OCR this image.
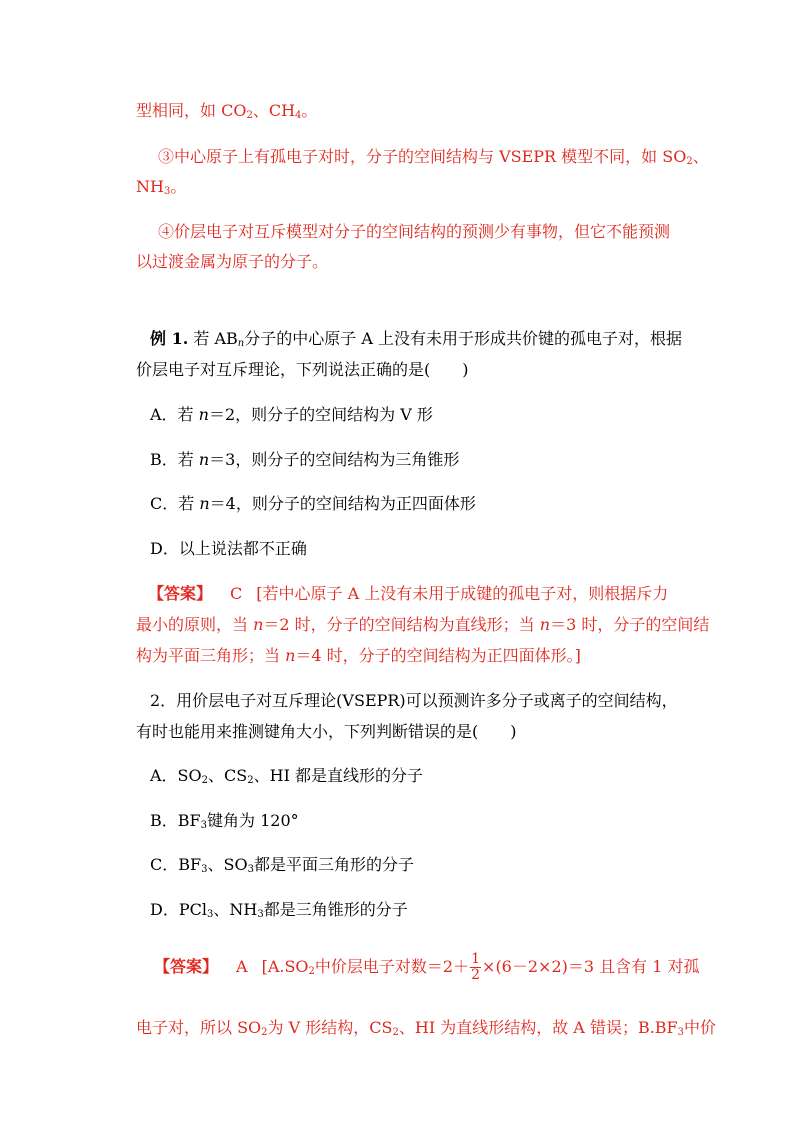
型相同，如 $CO_2$、$CH_4$。
③中心原子上有孤电子对时，分子的空间结构与 VSEPR 模型不同，如 $SO_2$、
$NH_3$。
④价层电子对互斥模型对分子的空间结构的预测少有事物，但它不能预测
以过渡金属为原子的分子。
例 1. 若 $AB_n$分子的中心原子 A 上没有未用于形成共价键的孤电子对，根据
价层电子对互斥理论，下列说法正确的是(　　)
A．若 n＝2，则分子的空间结构为 V 形
B．若 n＝3，则分子的空间结构为三角锥形
C．若 n＝4，则分子的空间结构为正四面体形
D．以上说法都不正确
【答案】 C [若中心原子 A 上没有未用于成键的孤电子对，则根据斥力
最小的原则，当 n＝2 时，分子的空间结构为直线形；当 n＝3 时，分子的空间结
构为平面三角形；当 n＝4 时，分子的空间结构为正四面体形。]
2．用价层电子对互斥理论(VSEPR)可以预测许多分子或离子的空间结构，
有时也能用来推测键角大小，下列判断错误的是(　　)
A．$SO_2$、$CS_2$、HI 都是直线形的分子
B．$BF_3$键角为 120°
C．$BF_3$、$SO_3$都是平面三角形的分子
D．PCl$_3$、$NH_3$都是三角锥形的分子
【答案】 A [$A.SO_2$中价层电子对数$=2+ \frac{1}{2} \times(6-2\times 2)=3$ 且含有 1 对孤
电子对，所以 $SO_2$为 V 形结构，$CS_2$、HI 为直线形结构，故 A 错误；$B.BF_3$中价
